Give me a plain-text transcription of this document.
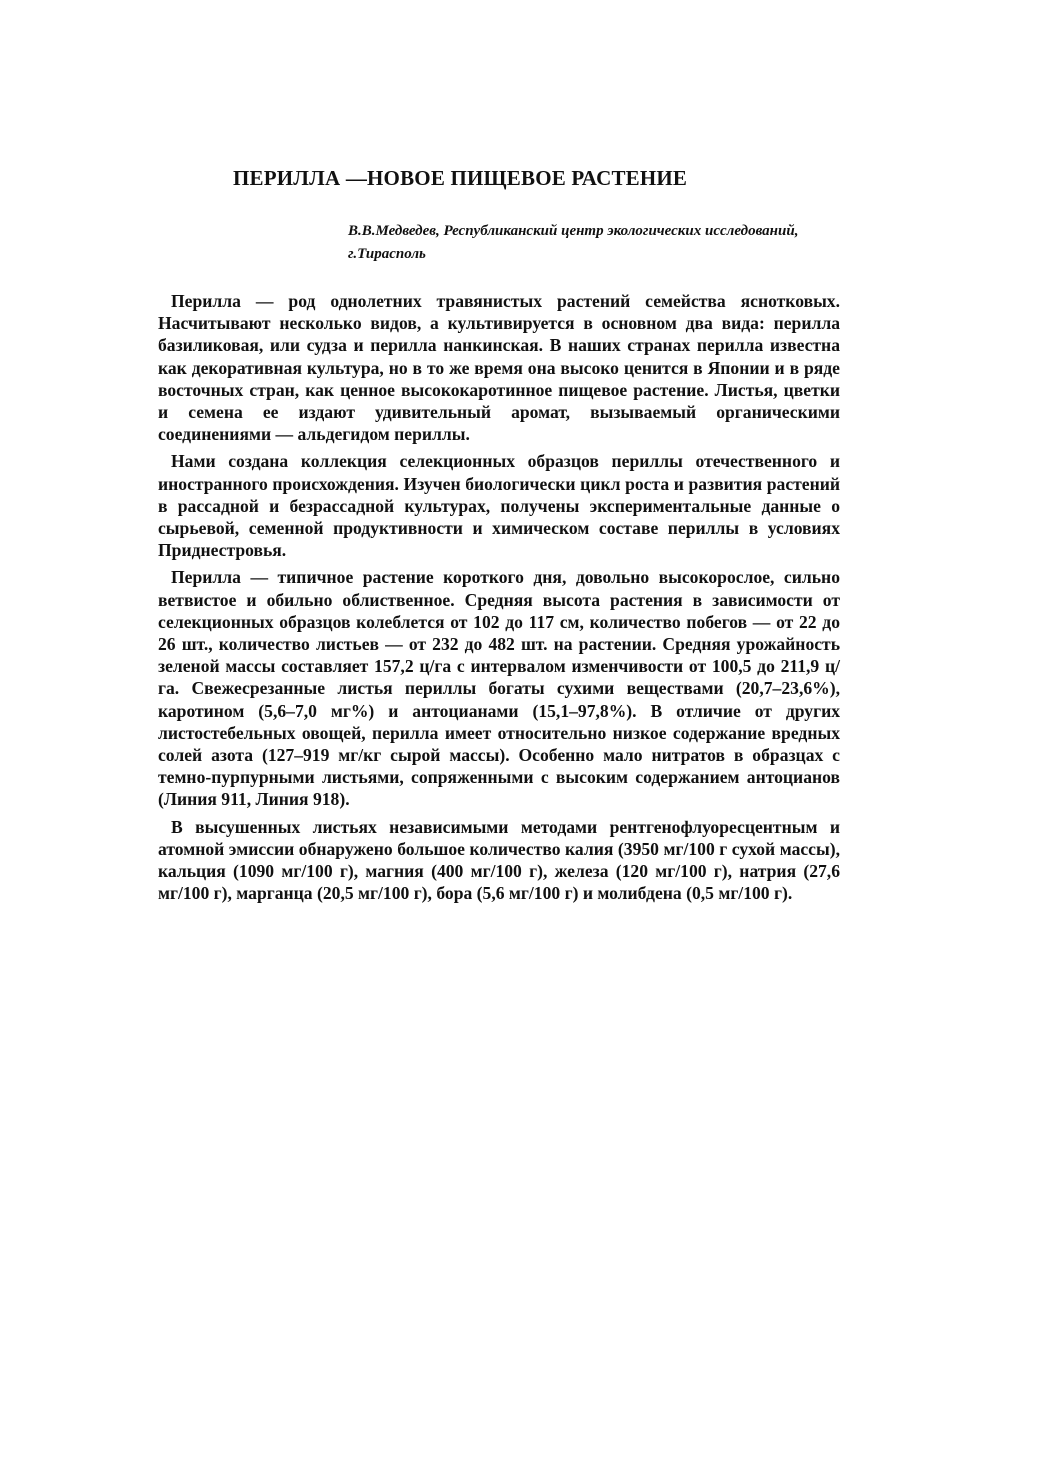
ПЕРИЛЛА —НОВОЕ ПИЩЕВОЕ РАСТЕНИЕ
В.В.Медведев, Республиканский центр экологических исследований, г.Тирасполь

Перилла — род однолетних травянистых растений семейства яснотковых. Насчитывают несколько видов, а культивируется в основном два вида: перилла базиликовая, или судза и перилла нанкинская. В наших странах перилла известна как декоративная культура, но в то же время она высоко ценится в Японии и в ряде восточных стран, как ценное высококаротинное пищевое растение. Листья, цветки и семена ее издают удивительный аромат, вызываемый органическими соединениями — альдегидом периллы.

Нами создана коллекция селекционных образцов периллы отечественного и иностранного происхождения. Изучен биологически цикл роста и развития растений в рассадной и безрассадной культурах, получены экспериментальные данные о сырьевой, семенной продуктивности и химическом составе периллы в условиях Приднестровья.

Перилла — типичное растение короткого дня, довольно высокорослое, сильно ветвистое и обильно облиственное. Средняя высота растения в зависимости от селекционных образцов колеблется от 102 до 117 см, количество побегов — от 22 до 26 шт., количество листьев — от 232 до 482 шт. на растении. Средняя урожайность зеленой массы составляет 157,2 ц/га с интервалом изменчивости от 100,5 до 211,9 ц/га. Свежесрезанные листья периллы богаты сухими веществами (20,7–23,6%), каротином (5,6–7,0 мг%) и антоцианами (15,1–97,8%). В отличие от других листостебельных овощей, перилла имеет относительно низкое содержание вредных солей азота (127–919 мг/кг сырой массы). Особенно мало нитратов в образцах с темно-пурпурными листьями, сопряженными с высоким содержанием антоцианов (Линия 911, Линия 918).

В высушенных листьях независимыми методами рентгенофлуоресцентным и атомной эмиссии обнаружено большое количество калия (3950 мг/100 г сухой массы), кальция (1090 мг/100 г), магния (400 мг/100 г), железа (120 мг/100 г), натрия (27,6 мг/100 г), марганца (20,5 мг/100 г), бора (5,6 мг/100 г) и молибдена (0,5 мг/100 г).
